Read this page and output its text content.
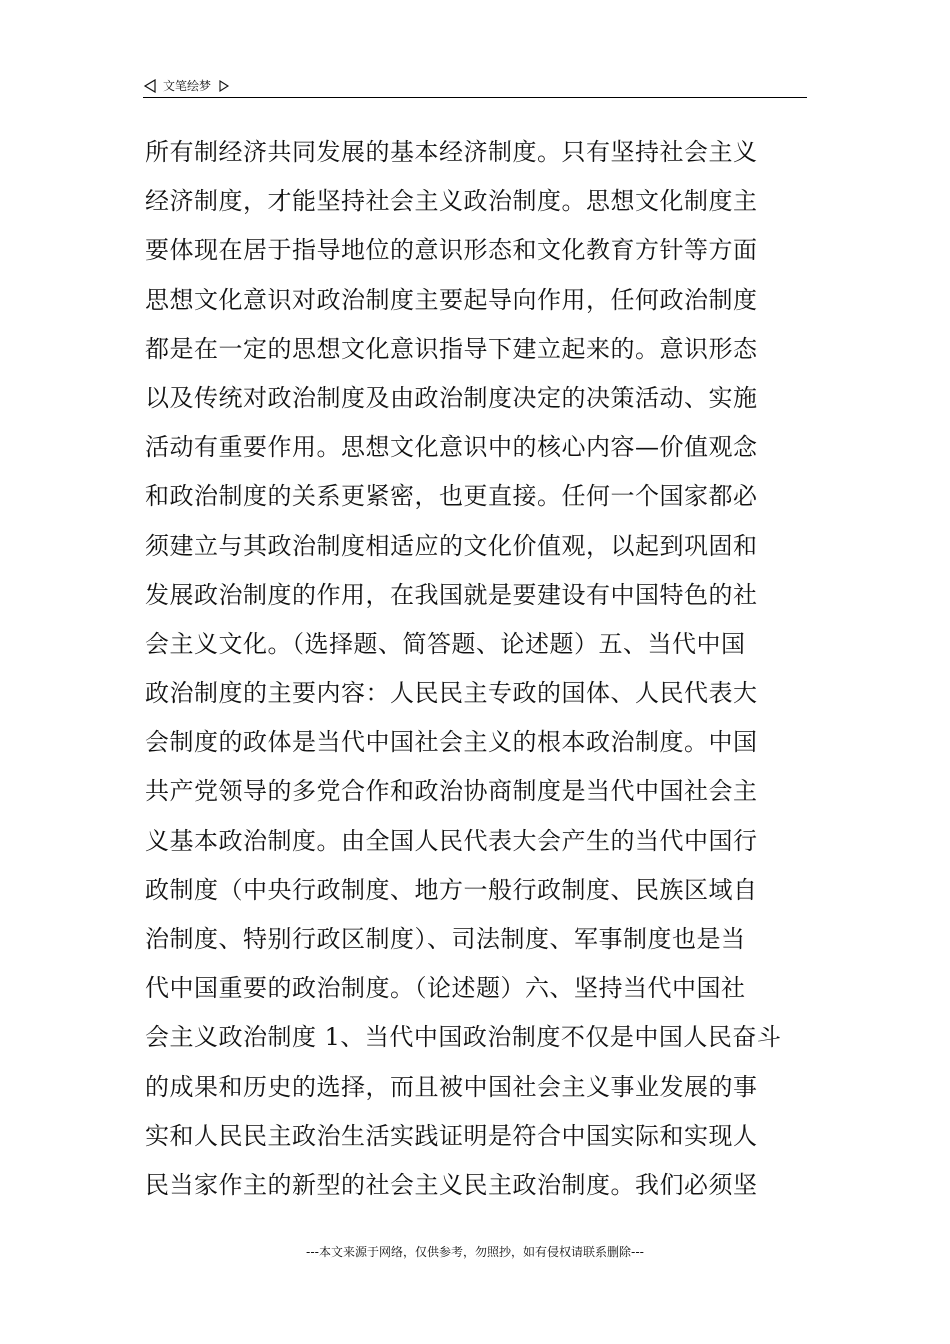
文笔绘梦
所有制经济共同发展的基本经济制度。只有坚持社会主义
经济制度，才能坚持社会主义政治制度。思想文化制度主
要体现在居于指导地位的意识形态和文化教育方针等方面
思想文化意识对政治制度主要起导向作用，任何政治制度
都是在一定的思想文化意识指导下建立起来的。意识形态
以及传统对政治制度及由政治制度决定的决策活动、实施
活动有重要作用。思想文化意识中的核心内容—价值观念
和政治制度的关系更紧密，也更直接。任何一个国家都必
须建立与其政治制度相适应的文化价值观，以起到巩固和
发展政治制度的作用，在我国就是要建设有中国特色的社
会主义文化。（选择题、简答题、论述题）五、当代中国
政治制度的主要内容：人民民主专政的国体、人民代表大
会制度的政体是当代中国社会主义的根本政治制度。中国
共产党领导的多党合作和政治协商制度是当代中国社会主
义基本政治制度。由全国人民代表大会产生的当代中国行
政制度（中央行政制度、地方一般行政制度、民族区域自
治制度、特别行政区制度）、司法制度、军事制度也是当
代中国重要的政治制度。（论述题）六、坚持当代中国社
会主义政治制度 1、当代中国政治制度不仅是中国人民奋斗
的成果和历史的选择，而且被中国社会主义事业发展的事
实和人民民主政治生活实践证明是符合中国实际和实现人
民当家作主的新型的社会主义民主政治制度。我们必须坚
---本文来源于网络，仅供参考，勿照抄，如有侵权请联系删除---
